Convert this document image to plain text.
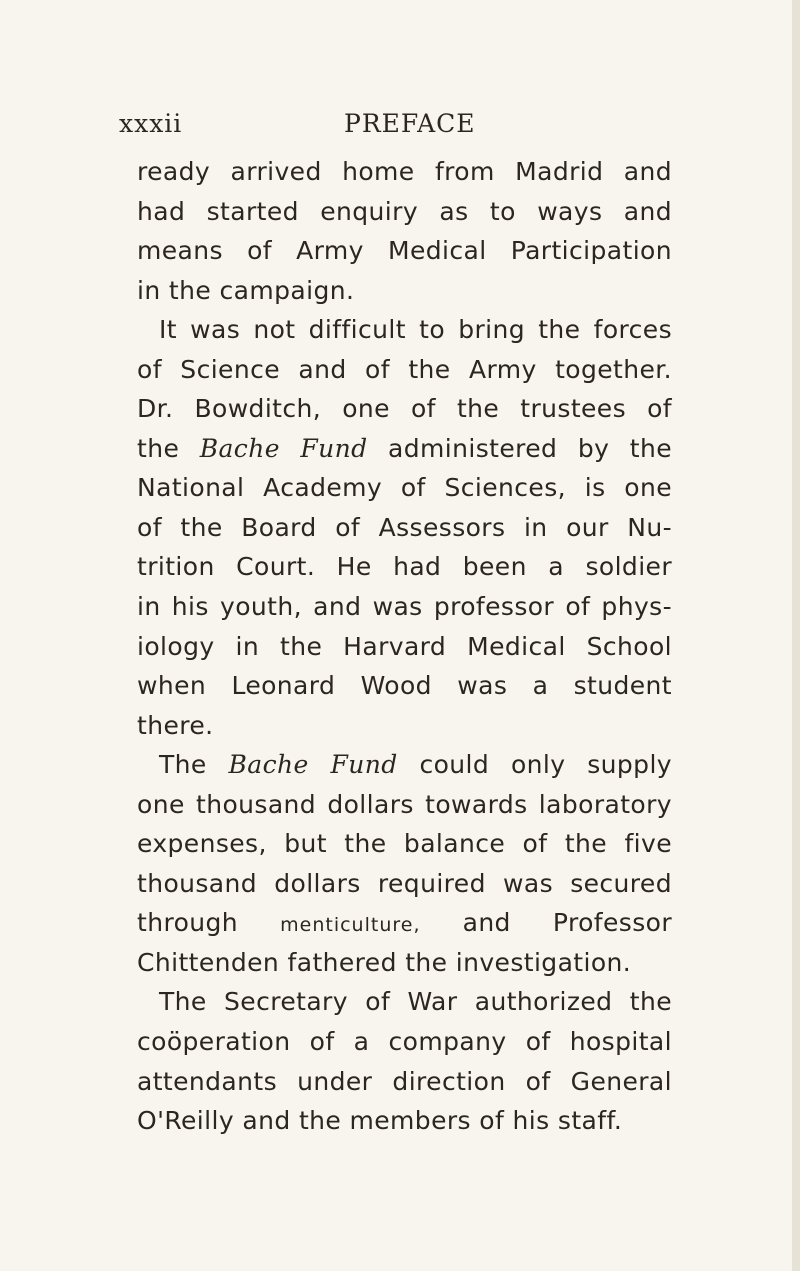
xxxii	PREFACE
ready arrived home from Madrid and
had started enquiry as to ways and
means of Army Medical Participation
in the campaign.
It was not difficult to bring the forces
of Science and of the Army together.
Dr. Bowditch, one of the trustees of
the Bache Fund administered by the
National Academy of Sciences, is one
of the Board of Assessors in our Nu-
trition Court. He had been a soldier
in his youth, and was professor of phys-
iology in the Harvard Medical School
when Leonard Wood was a student
there.
The Bache Fund could only supply
one thousand dollars towards laboratory
expenses, but the balance of the five
thousand dollars required was secured
through menticulture, and Professor
Chittenden fathered the investigation.
The Secretary of War authorized the
coöperation of a company of hospital
attendants under direction of General
O'Reilly and the members of his staff.
